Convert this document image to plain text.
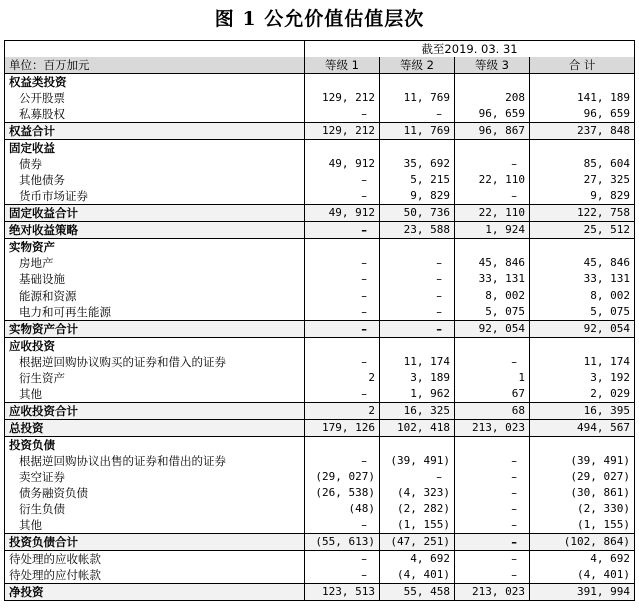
图 1 公允价值估值层次
	截至2019. 03. 31			
单位：百万加元	等级 1	等级 2	等级 3	合 计
权益类投资				
公开股票	129, 212	11, 769	208	141, 189
私募股权	–	–	96, 659	96, 659
权益合计	129, 212	11, 769	96, 867	237, 848
固定收益				
债券	49, 912	35, 692	–	85, 604
其他债务	–	5, 215	22, 110	27, 325
货币市场证券	–	9, 829	–	9, 829
固定收益合计	49, 912	50, 736	22, 110	122, 758
绝对收益策略	–	23, 588	1, 924	25, 512
实物资产				
房地产	–	–	45, 846	45, 846
基础设施	–	–	33, 131	33, 131
能源和资源	–	–	8, 002	8, 002
电力和可再生能源	–	–	5, 075	5, 075
实物资产合计	–	–	92, 054	92, 054
应收投资				
根据逆回购协议购买的证券和借入的证券	–	11, 174	–	11, 174
衍生资产	2	3, 189	1	3, 192
其他	–	1, 962	67	2, 029
应收投资合计	2	16, 325	68	16, 395
总投资	179, 126	102, 418	213, 023	494, 567
投资负债				
根据逆回购协议出售的证券和借出的证券	–	(39, 491)	–	(39, 491)
卖空证券	(29, 027)	–	–	(29, 027)
债务融资负债	(26, 538)	(4, 323)	–	(30, 861)
衍生负债	(48)	(2, 282)	–	(2, 330)
其他	–	(1, 155)	–	(1, 155)
投资负债合计	(55, 613)	(47, 251)	–	(102, 864)
待处理的应收帐款	–	4, 692	–	4, 692
待处理的应付帐款	–	(4, 401)	–	(4, 401)
净投资	123, 513	55, 458	213, 023	391, 994
